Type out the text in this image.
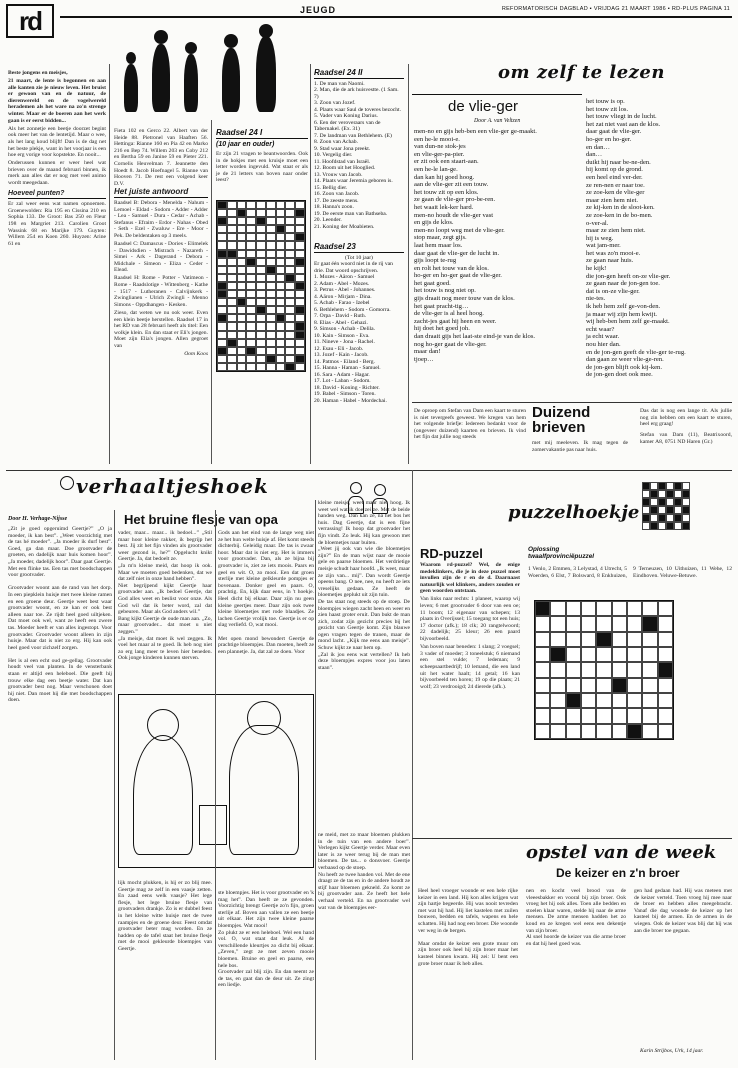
rd	JEUGD	REFORMATORISCH DAGBLAD ▪ VRIJDAG 21 MAART 1986 ▪ RD-PLUS PAGINA 11

Beste jongens en meisjes,

21 maart, de lente is begonnen en aan alle kanten zie je nieuw leven. Het bruist er gewoon van en de natuur, de dierenwereld en de vogelwereld herademen als het ware na zo'n strenge winter. Maar er de boeren aan het werk gaan is er eerst bidden...

Als het zonnetje een beetje doorzet begint ook meer het van de lentetijd. Maar o wee, als het lang koud blijft! Dan is de dag net het beste plekje, want in het voorjaar is een hoe erg vorige voor kopstekte. En nooit...

Onderussen kunnen er weer heel wat brieven over de maand februari binnen, ik merk aan alles dat er nog met veel animo wordt meegedaan.

Hoeveel punten?

Er zal weer eens wat namen opnoemen. Groenewolden: Ria 195 en Cissina 210 en Sophia 133. De Groot: Bas 250 en Fleur 198 en Margriet 213. Carolien Groot Wassink 68 en Marijke 179. Guyten: Willem 254 en Koen 260. Huyzen: Arine 61 en

Fieta 102 en Gerco 22. Albert van der Heide 88. Pietronel van Haaften 56. Hettinga: Rianne 160 en Pia 42 en Marko 216 en Bep 74. Willem 203 en Coby 212 en Bertha 59 en Janine 59 en Pieter 221. Cornelis Heuvelman 7. Jeannette den Hoedt 8. Jacob Hoefnagel 5. Rianne van Hooven 71. De rest een volgend keer D.V.

Het juiste antwoord

Raadsel B: Debora - Menelda - Nahum - Lemoel - Eldad - Sodom - Adder - Adder - Lea - Samuel - Dura - Cedar - Achab - Stefanus - Efraim - Erdor - Nahas - Obed - Seth - Ezel - Zwaluw - Ere - Moor - Pek. De beldentaken op 3 meels.

Raadsel C: Damascus - Dories - Elimelek - Dawidsdien - Mistrach - Nazareth - Simei - Ark - Dagerand - Debora - Midchale - Simeon - Eliza - Ceder - Elead.

Raadsel H: Rome - Potter - Vatimeon - Rome - Raadslotige - Wittenberg - Kathe - 1517 - Lutheranen - Calvijnkerk - Zwinglianen - Ulrich Zwingli - Menno Simons - Oppdhangen - Kesken.

Zieso, dat weten we nu ook weer. Even een klein beetje herstellen. Raadsel 17 in het RD van 28 februari heeft als titel: Een wolkje klein. En dan staat er Eli's jongen. Moet zijn Elia's jongen. Allen gegroet van

Oom Koos

Raadsel 24 I
(10 jaar en ouder)

Er zijn 21 vragen te beantwoorden. Ook in de hokjes met een kruisje moet een letter worden ingevuld. Wat staat er als je de 21 letters van boven naar onder leest?

Raadsel 24 II
1. De man van Naomi.
2. Man, die de ark huisvestte. (1 Sam. 7)
3. Zoon van Jozef.
4. Plaats waar Saul de toveres bezocht.
5. Vader van Koning Darius.
6. Een der veroveraars van de Tabernakel. (Ex. 31)
7. De landman van Bethlehem. (E)
8. Zoon van Achab.
9. Stad waar Jona preekt.
10. Vergelig dier.
11. Hoofdstad van Israël.
12. Boom uit het Hooglied.
13. Vrouw van Jacob.
14. Plaats waar Jeremia geboren is.
15. Bellig dier.
16. Zoon van Jacob.
17. De zeeste mens.
18. Hanna's zoon.
19. De eerste man van Bathseba.
20. Leender.
21. Koning der Moabieten.
Raadsel 23
(Tot 10 jaar)
Er gaat één woord niet in de rij van drie. Dat woord opschrijven.
1. Mozes - Aäron - Samuel
2. Adam - Abel - Mozes.
3. Petrus - Abel - Johannes.
4. Aäron - Mirjam - Dina.
5. Achab - Farao - Izebel
6. Bethlehem - Sodom - Gomorra.
7. Orpa - David - Ruth.
8. Elias - Abel - Gehazi.
9. Simson - Achab - Delila.
10. Kain - Simson - Eva.
11. Nineve - Jona - Rachel.
12. Esau - Eli - Jacob.
13. Jozef - Kain - Jacob.
14. Patmos - Eiland - Berg.
15. Hanna - Haman - Samuel.
16. Sara - Adam - Hagar.
17. Lot - Laban - Sodom.
18. David - Koning - Richter.
19. Babel - Simson - Toren.
20. Haman - Habel - Mordechai.
om zelf te lezen
de vlie-ger
Door A. van Veltzen
men-no en gijs heb-ben een vlie-ger ge-maakt.
een he-le mooi-e.
van dun-ne stok-jes
en vlie-ger-pa-pier.
er zit ook een staart-aan.
een he-le lan-ge.
dan kan hij goed hoog.
aan de vlie-ger zit een touw.
het touw zit op een klos.
ze gaan de vlie-ger pro-be-ren.
het waait lek-ker hard.
men-no houdt de vlie-ger vast
en gijs de klos.
men-no loopt weg met de vlie-ger.
stop maar, zegt gijs.
laat hem maar los.
daar gaat de vlie-ger de lucht in.
gijs loopt te-rug
en rolt het touw van de klos.
ho-ger en ho-ger gaat de vlie-ger.
het gaat goed.
het touw is nog niet op.
gijs draait nog meer touw van de klos.
het gaat pracht-tig…
de vlie-ger is al heel hoog.
zacht-jes gaat hij heen en weer.
hij doet het goed joh.
dan draait gijs het laat-ste eind-je van de klos.
nog ho-ger gaat de vlie-ger.
maar dan!
tjoep…
het touw is op.
het touw zit los.
het touw vliegt in de lucht.
het zat niet vast aan de klos.
daar gaat de vlie-ger.
ho-ger en ho-ger.
en dan…
dan…
duikt hij naar be-ne-den.
hij komt op de grond.
een heel eind ver-der.
ze ren-nen er naar toe.
ze zoe-ken de vlie-ger
maar zien hem niet.
ze kij-ken in de sloot-ken.
ze zoe-ken in de bo-men.
o-ver-al.
maar ze zien hem niet.
hij is weg.
wat jam-mer.
het was zo'n mooi-e.
ze gaan naar huis.
he kijk!
die jon-gen heeft on-ze vlie-ger.
ze gaan naar de jon-gen toe.
dat is on-ze vlie-ger.
nie-tes.
ik heb hem zelf ge-von-den.
ja maar wij zijn hem kwijt.
wij heb-ben hem zelf ge-maakt.
echt waar?
ja echt waar.
nou hier dan.
en de jon-gen geeft de vlie-ger te-rug.
dan gaan ze weer vlie-ge-ren.
de jon-gen blijft ook kij-ken.
de jon-gen doet ook mee.
De oproep om Stefan van Dam een kaart te sturen is niet tevergeefs geweest. We kregen van hem het volgende briefje: Iedereen bedankt voor de (ongeveer duizend) kaarten en brieven. Ik vind het fijn dat jullie nog steeds
Duizend
brieven
met mij meeleven. Ik mag tegen de zomervakantie pas naar huis.
Das dat is nog een lange tit. Als jullie nog zin hebben om een kaart te sturen, heel erg graag!
Stefan van Dam (11), Beatrixoord, kamer A8, 0751 ND Haren (Gr.)
verhaaltjeshoek
Door H. Verhage-Nijsse	Het bruine flesje van opa
„Zit je goed opgeruimd Geertje?” „O ja moeder, ik kan best”. „Weet voorzichtig met de tas hé moeder”. „Ja moeder ik durf best”. Goed, ga dan maar. Doe grootvader de groeten, en dadelijk naar huis komen hoor”. „Ja moeder, dadelijk hoor”. Daar gaat Geertje. Met een flinke tas. Een tas met boodschappen voor grootvader.

Grootvader woont aan de rand van het dorp. In een piepklein huisje met twee kleine ramen en een groene deur. Geertje weet best waar grootvader woont, en ze kan er ook best alleen naar toe. Ze rijdt heel goed uiltjeken. Dat moet ook wel, want ze heeft een zwere tas. Moeder heeft er van alles ingestopt. Voor grootvader. Grootvader woont alleen in zijn huisje. Maar dat is niet zo erg. Hij kan ook heel goed voor zichzelf zorgen.

Het is al een echt oud ge-gellag. Grootvader houdt veel van planten. In de vensterbank staan er altijd een heleboel. Die geeft hij trouw elke dag een beetje water. Dat kan grootvader best nog. Maar verschonen doet hij niet. Dan moet hij die met boodschappen doen.
vader, maar... maar... ik bedoel...” „Stil maar hoor kleine rakker, ik begrijp het best. Jij zit het fijn vinden als grootvader weer gezond is, he?” Opgelucht knikt Geertje. Ja, dat bedoelt ze.
„Ja m'n kleine meid, dat hoop ik ook. Maar we moeten goed bedenken, dat we dat zelf niet in onze hand hebben”.
Niet begrijpend kijkt Geertje haar grootvader aan. „Ik bedoel Geertje, dat God alles weet en beslist voor onze. Als God wil dat ik beter word, zal dat gebeuren. Maar als God anders wil.”
Bang kijkt Geertje de oude man aan. „Zo, maar grootvader... dat moet u niet zeggen.”
„Ja meisje, dat moet ik wel zeggen. Ik voel het maar al te goed. Ik heb nog niet zo erg lang meer te leven hier beneden. Ook jonge kinderen kunnen sterven.
Gods aan het eind van de lange weg niet ze het hun welte huisje af. Het komt steeds dichterbij. Geleidig maar. De tas is zwaar hoor. Maar dat is niet erg. Het is immers voor grootvader. Dan, als ze bijna bij grootvader is, ziet ze iets moois. Paars en geel en wit. O, zo mooi. Een dat groen sterlije met kleine gelkleurde pompjes er bovenaan. Donker geel en paars. O, prachtig. En, kijk daar eens, in 't hoekje. Heel dicht bij elkaar. Daar zijn nu geen kleine geertjes meer. Daar zijn ook twee kleine bloemetjes met rode blaadjes. Ze lachen Geertje vrolijk toe. Geertje is er op slag verliefd. O, wat mooi.

Met open mond bewondert Geertje de prachtige bloempjes. Dan moeten, heeft ze een plannetje. Ja, dat zal ze doen. Voor
kleine meisje, weet maar niet hoog. Ik weet wel wat ik doe zei ze. Met de beide handen weg. Dan kan ze, na het bos het huis. Dag Geertje, dat is een fijne verrassing! Ik hoop dat grootvader het fijn vindt. Zo leuk. Hij kan gewoon met de bloemetjes naar buiten.
„Weet jij ook van wie die bloemetjes zijn?” En de man wijst naar de mooie gele en paarse bloemen. Het verdrietige meisje schudt haar hoofd. „Ik weet, maar ze zijn van... mij”. Dan wordt Geertje opeens bang. O nee, nee, nu heeft ze iets vreselijks gedaan. Ze heeft de bloemetjes geplukt uit zijn tuin.
De tas staat nog steeds op de stoep. De bloempjes wiegen zacht heen en weer en zien haast groter eruit. Dan bukt de man zich, zodat zijn gezicht precies bij het gezicht van Geertje komt. Zijn blauwe ogen vragen tegen de tranen, maar de mond lacht. „Kijk me eens aan meisje”. Schuw kijkt ze naar hem op.
„Zal ik jou eens wat vertellen? Ik heb deze bloempjes expres voor jou laten staan”.
ste bloempjes. Het is voor grootvader en 'k mag het”. Dan heeft ze ze gevonden. Voorzichtig brengt Geertje zo'n fijn, groen sterlije af. Boven aan vallen ze een beetje uit elkaar. Het zijn twee kleine paarse bloempjes. Wat mooi!
Zo plukt ze er een heleboel. Wel een hand vol. O, wat staat dat leuk. Al de verschillende kleurtjes zo dicht bij elkaar. „Zeven,” zegt ze met zeven mooie bloemen. Bruine en geel en paarse, een hele bos.
Grootvader zal blij zijn. En dan neemt ze de tas, en gaat dan de deur uit. Ze zingt een liedje.
ne meid, met zo maar bloemen plukken in de tuin van een andere boer”. Verlegen kijkt Geertje verder. Maar even later is ze weer terug bij de man met bloemen. De tas... o donsvoer. Geertje verbaasd op de stoep.
Nu heeft ze twee handen vol. Met de ene draagt ze de tas en in de andere houdt ze stijf haar bloemen gekneld. Zo komt ze bij grootvader aan. Ze heeft het hele verhaal verteld. En na grootvader wel wat van de bloempjes eer-
lijk mocht plukken, is hij er zo blij mee. Geertje mag ze zelf in een vaasje zetten. En zaad eens welk vaasje? Het lege flesje, het lege bruine flesje van grootvaders drankje. Zo is er dubbel feest in het kleine witte huisje met de twee raampjes en de groene deur. Feest omdat grootvader beter mag worden. En ze hadden op de tafel staat het bruine flesje met de mooi gekleurde bloempjes van Geertje.
puzzelhoekje
RD-puzzel

Waarom rd-puzzel? Wel, de enige medeklinkers, die je in deze puzzel moet invullen zijn de r en de d. Daarnaast natuurlijk wel klinkers, anders zouden er geen woorden ontstaan.

Van links naar rechts: 1 planeet, waarop wij leven; 6 met grootvader 6 door van een oe; 11 boom; 12 eigenaar van schepen; 13 plaats in Overijssel; 15 toegang tot een huis; 17 doctor (afk.); 18 clk; 20 rangtelwoord; 22 dadelijk; 25 kleur; 26 een paard bijvoorbeeld.

Van boven naar beneden: 1 slang; 2 voegsel; 3 vader of moeder; 3 toneelstuk; 6 niemand een stel vulde; 7 ledeman; 9 scheepsaartbedrijf; 10 lemand, die een land uit het water haalt; 14 getal; 16 kan bijvoorbeeld ten horen; 19 op die plaats; 21 wolf; 23 verdrooigd; 24 dierede (afk.).

Oplossing twaalfprovinciëpuzzel
1 Venlo, 2 Emmen, 3 Lelystad, 4 Utrecht, 5 Woerden, 6 Elst, 7 Bolsward, 8 Enkhuizen, 9 Terneuzen, 10 Uithuizen, 11 Wehe, 12 Eindhoven. Veluwe-Betuwe.
opstel van de week
De keizer en z'n broer
Heel heel vroeger woonde er een hele rijke keizer in een land. Hij kon alles krijgen wat zijn hartje begeerde. Hij was nooit tevreden met wat hij had. Hij liet kastelen met zuilen bouwen, bedden en tafels, wapens en hele schatten. Hij had nog een broer. Die woonde ver weg in de bergen.

Maar omdat de keizer een grote muur om zijn broer ook heel hij zijn broer maar het kasteel binnen kwam. Hij zei: U bent een grote broer maar ik heb alles.
nen en kocht veel brood van de vleeesbakker en vooral bij zijn broer. Ook vroeg het hij ook alles. Toen alle bedden en stoelen klaar waren, stelde hij naar de arme mensen. De arme mensen hadden het zo koud en ze kregen wel eens een dekentje van zijn broer.
Al snel hoorde de keizer van die arme broer en dat hij heel goed was.
gen had gedaan had. Hij was meteen met de keizer verteld. Toen vroeg hij mee naar de broer en hebben alles meegebracht. Vanaf die dag woonde de keizer op het kasteel bij de armen. En de armen in de wiegen. Ook de keizer was blij dat hij was aan die broer toe gegaan.
Karin Strijbos, Urk, 14 jaar.
